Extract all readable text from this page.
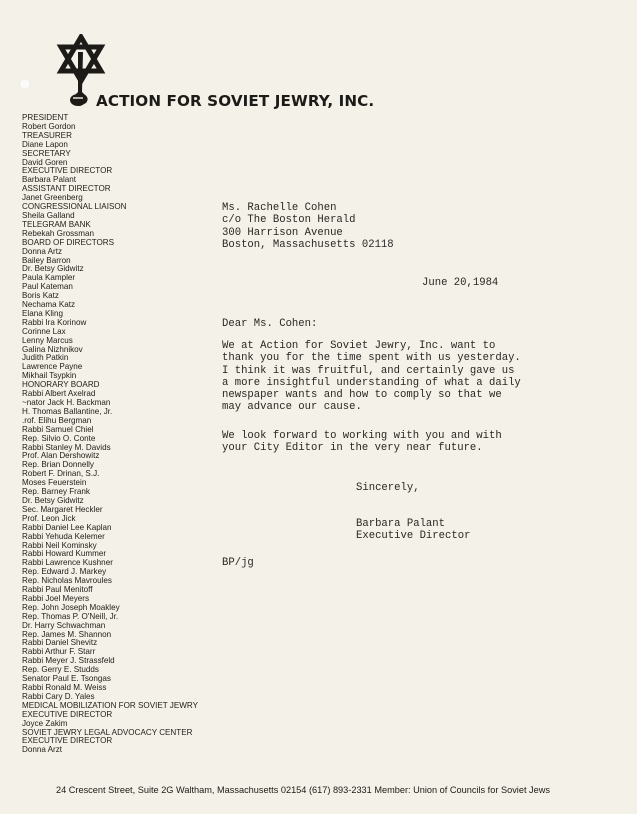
ACTION FOR SOVIET JEWRY, INC.
PRESIDENT
Robert Gordon
TREASURER
Diane Lapon
SECRETARY
David Goren
EXECUTIVE DIRECTOR
Barbara Palant
ASSISTANT DIRECTOR
Janet Greenberg
CONGRESSIONAL LIAISON
Sheila Galland
TELEGRAM BANK
Rebekah Grossman
BOARD OF DIRECTORS
Donna Artz
Bailey Barron
Dr. Betsy Gidwitz
Paula Kampler
Paul Kateman
Boris Katz
Nechama Katz
Elana Kling
Rabbi Ira Korinow
Corinne Lax
Lenny Marcus
Galina Nizhnikov
Judith Patkin
Lawrence Payne
Mikhail Tsypkin
HONORARY BOARD
Rabbi Albert Axelrad
~nator Jack H. Backman
H. Thomas Ballantine, Jr.
.rof. Elihu Bergman
Rabbi Samuel Chiel
Rep. Silvio O. Conte
Rabbi Stanley M. Davids
Prof. Alan Dershowitz
Rep. Brian Donnelly
Robert F. Drinan, S.J.
Moses Feuerstein
Rep. Barney Frank
Dr. Betsy Gidwitz
Sec. Margaret Heckler
Prof. Leon Jick
Rabbi Daniel Lee Kaplan
Rabbi Yehuda Kelemer
Rabbi Neil Kominsky
Rabbi Howard Kummer
Rabbi Lawrence Kushner
Rep. Edward J. Markey
Rep. Nicholas Mavroules
Rabbi Paul Menitoff
Rabbi Joel Meyers
Rep. John Joseph Moakley
Rep. Thomas P. O'Neill, Jr.
Dr. Harry Schwachman
Rep. James M. Shannon
Rabbi Daniel Shevitz
Rabbi Arthur F. Starr
Rabbi Meyer J. Strassfeld
Rep. Gerry E. Studds
Senator Paul E. Tsongas
Rabbi Ronald M. Weiss
Rabbi Cary D. Yales
MEDICAL MOBILIZATION FOR SOVIET JEWRY
EXECUTIVE DIRECTOR
Joyce Zakim
SOVIET JEWRY LEGAL ADVOCACY CENTER
EXECUTIVE DIRECTOR
Donna Arzt
Ms. Rachelle Cohen
c/o The Boston Herald
300 Harrison Avenue
Boston, Massachusetts 02118
June 20,1984
Dear Ms. Cohen:
We at Action for Soviet Jewry, Inc. want to
thank you for the time spent with us yesterday.
I think it was fruitful, and certainly gave us
a more insightful understanding of what a daily
newspaper wants and how to comply so that we
may advance our cause.
We look forward to working with you and with
your City Editor in the very near future.
Sincerely,
Barbara Palant
Executive Director
BP/jg
24 Crescent Street, Suite 2G Waltham, Massachusetts 02154 (617) 893-2331 Member: Union of Councils for Soviet Jews
